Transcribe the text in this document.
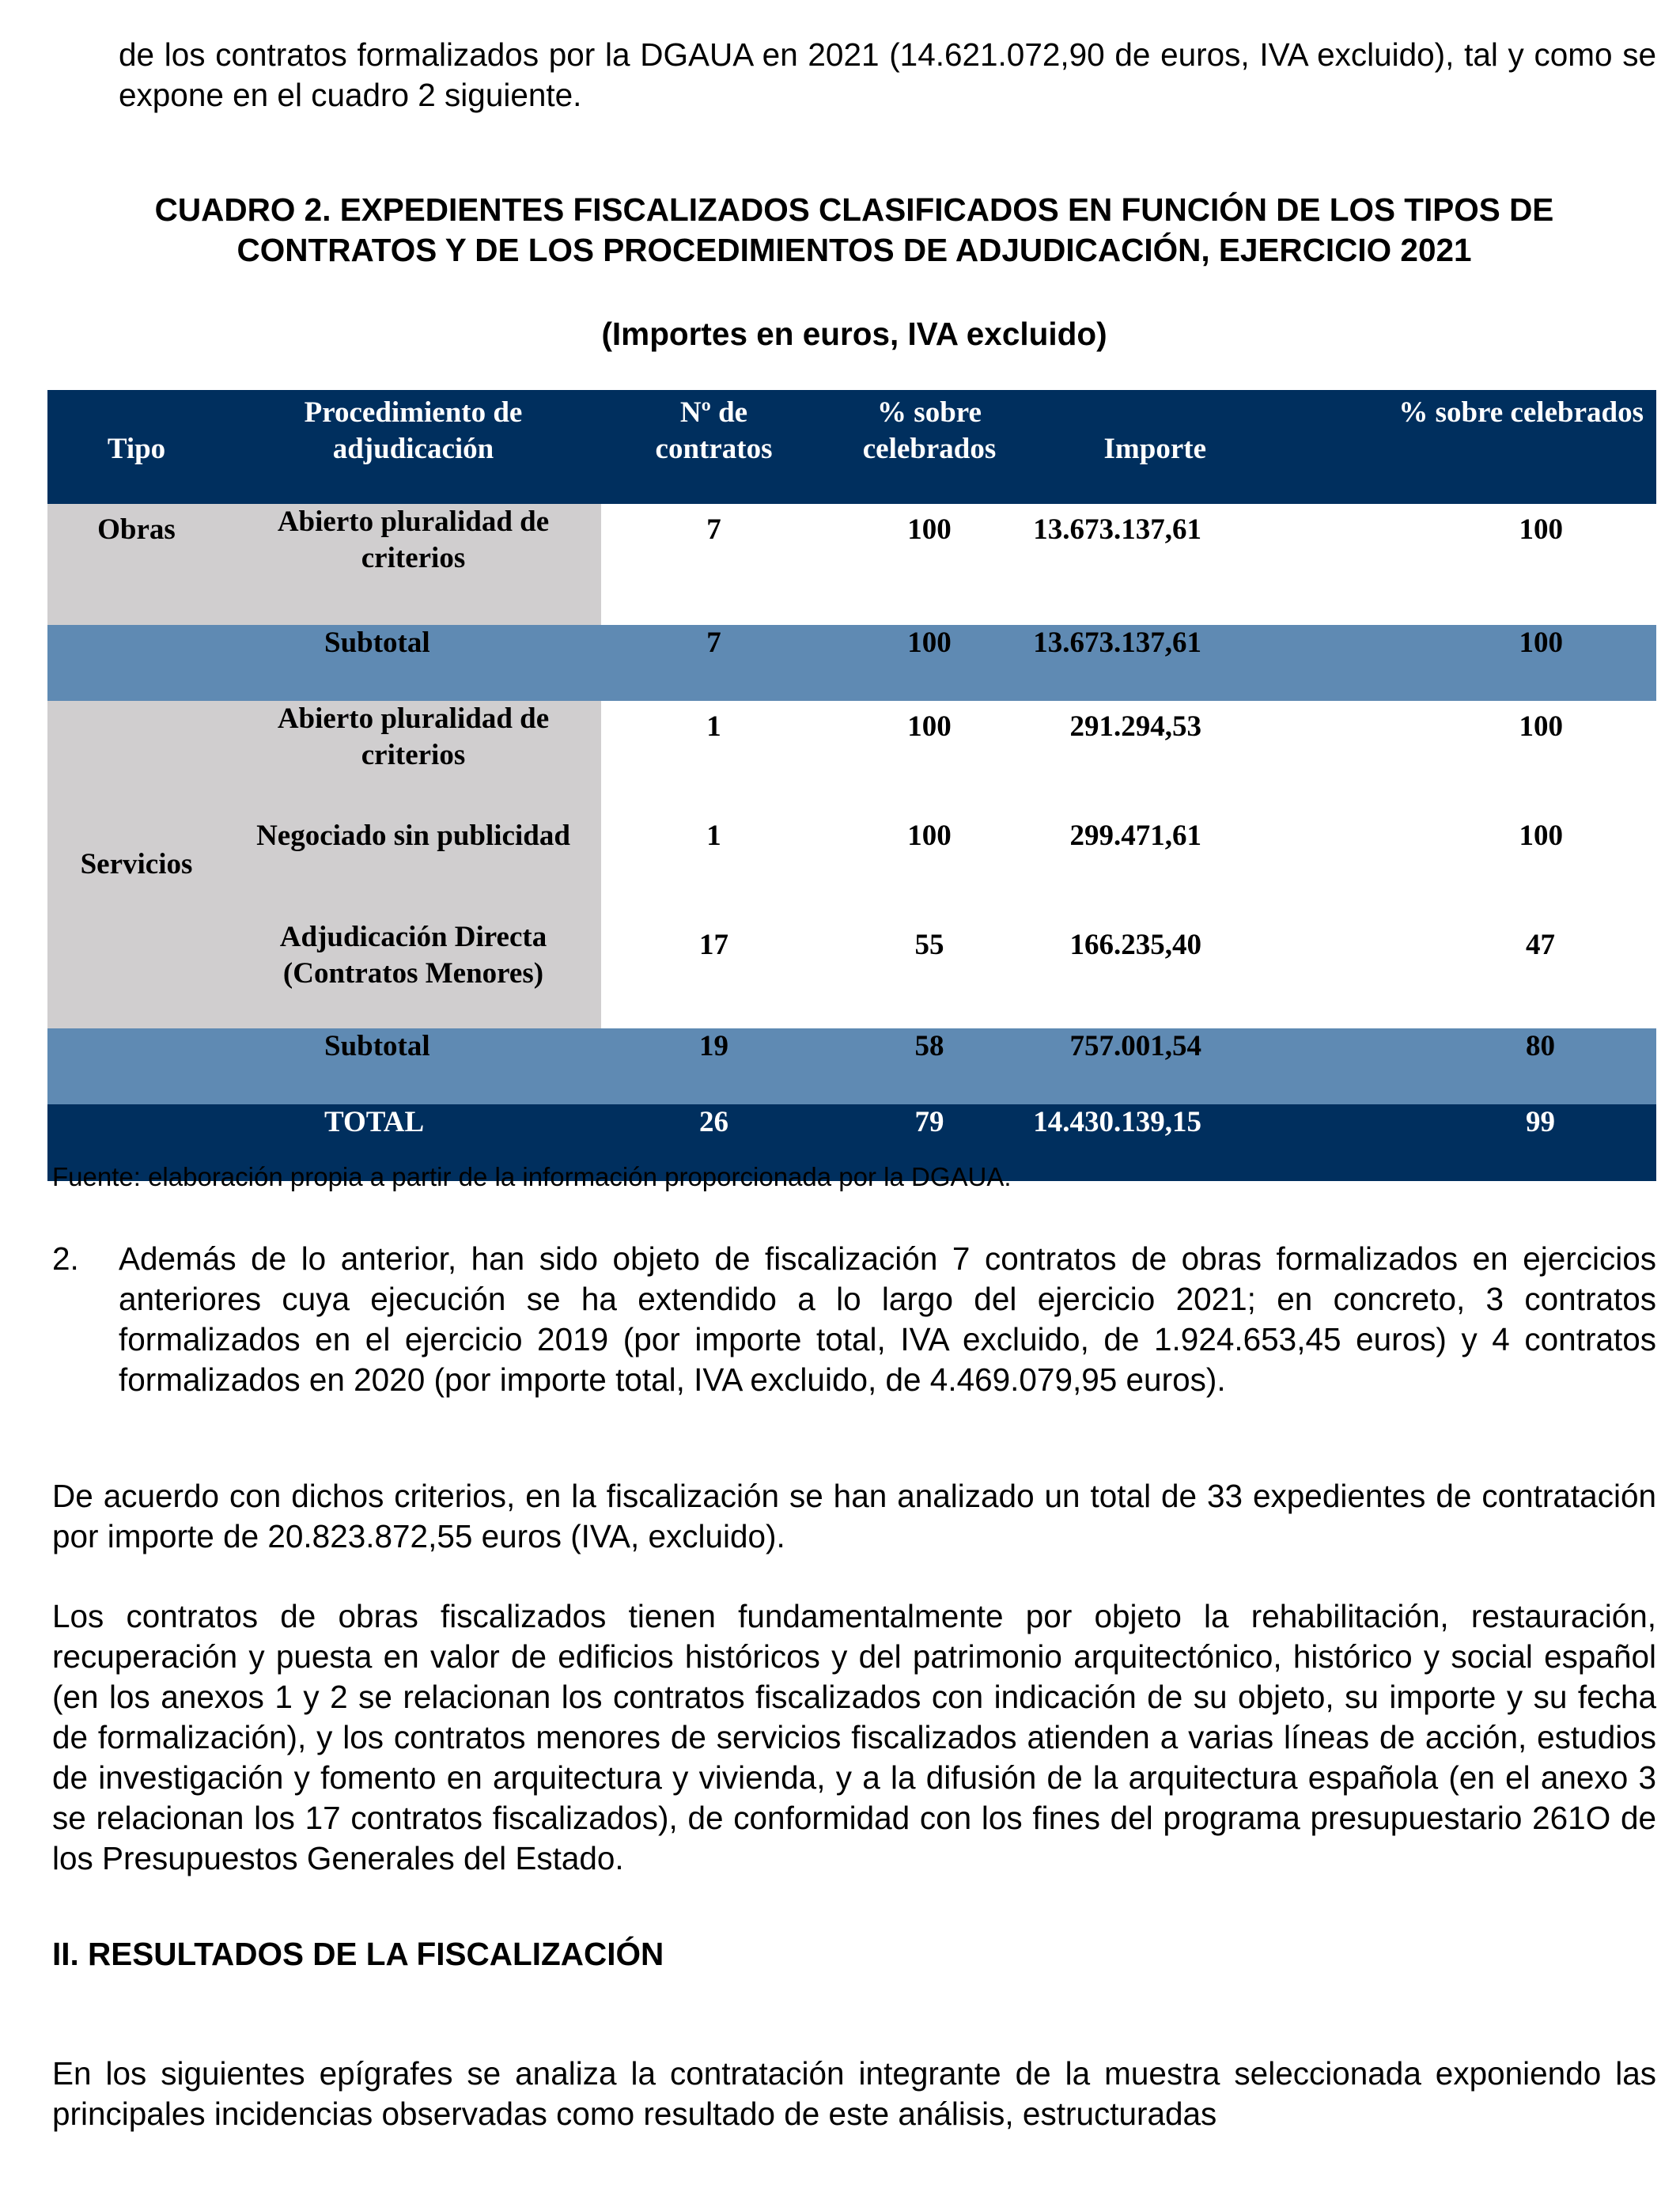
de los contratos formalizados por la DGAUA en 2021 (14.621.072,90 de euros, IVA excluido), tal y como se expone en el cuadro 2 siguiente.

CUADRO 2. EXPEDIENTES FISCALIZADOS CLASIFICADOS EN FUNCIÓN DE LOS TIPOS DE CONTRATOS Y DE LOS PROCEDIMIENTOS DE ADJUDICACIÓN, EJERCICIO 2021

(Importes en euros, IVA excluido)

Tipo	Procedimiento de adjudicación	Nº de contratos	% sobre celebrados	Importe	% sobre celebrados

Obras	Abierto pluralidad de criterios	7	100	13.673.137,61	100
	Subtotal	7	100	13.673.137,61	100
Servicios	Abierto pluralidad de criterios	1	100	291.294,53	100
	Negociado sin publicidad	1	100	299.471,61	100
	Adjudicación Directa (Contratos Menores)	17	55	166.235,40	47
	Subtotal	19	58	757.001,54	80
	TOTAL	26	79	14.430.139,15	99

Fuente: elaboración propia a partir de la información proporcionada por la DGAUA.

2. Además de lo anterior, han sido objeto de fiscalización 7 contratos de obras formalizados en ejercicios anteriores cuya ejecución se ha extendido a lo largo del ejercicio 2021; en concreto, 3 contratos formalizados en el ejercicio 2019 (por importe total, IVA excluido, de 1.924.653,45 euros) y 4 contratos formalizados en 2020 (por importe total, IVA excluido, de 4.469.079,95 euros).

De acuerdo con dichos criterios, en la fiscalización se han analizado un total de 33 expedientes de contratación por importe de 20.823.872,55 euros (IVA, excluido).

Los contratos de obras fiscalizados tienen fundamentalmente por objeto la rehabilitación, restauración, recuperación y puesta en valor de edificios históricos y del patrimonio arquitectónico, histórico y social español (en los anexos 1 y 2 se relacionan los contratos fiscalizados con indicación de su objeto, su importe y su fecha de formalización), y los contratos menores de servicios fiscalizados atienden a varias líneas de acción, estudios de investigación y fomento en arquitectura y vivienda, y a la difusión de la arquitectura española (en el anexo 3 se relacionan los 17 contratos fiscalizados), de conformidad con los fines del programa presupuestario 261O de los Presupuestos Generales del Estado.

II. RESULTADOS DE LA FISCALIZACIÓN

En los siguientes epígrafes se analiza la contratación integrante de la muestra seleccionada exponiendo las principales incidencias observadas como resultado de este análisis, estructuradas
